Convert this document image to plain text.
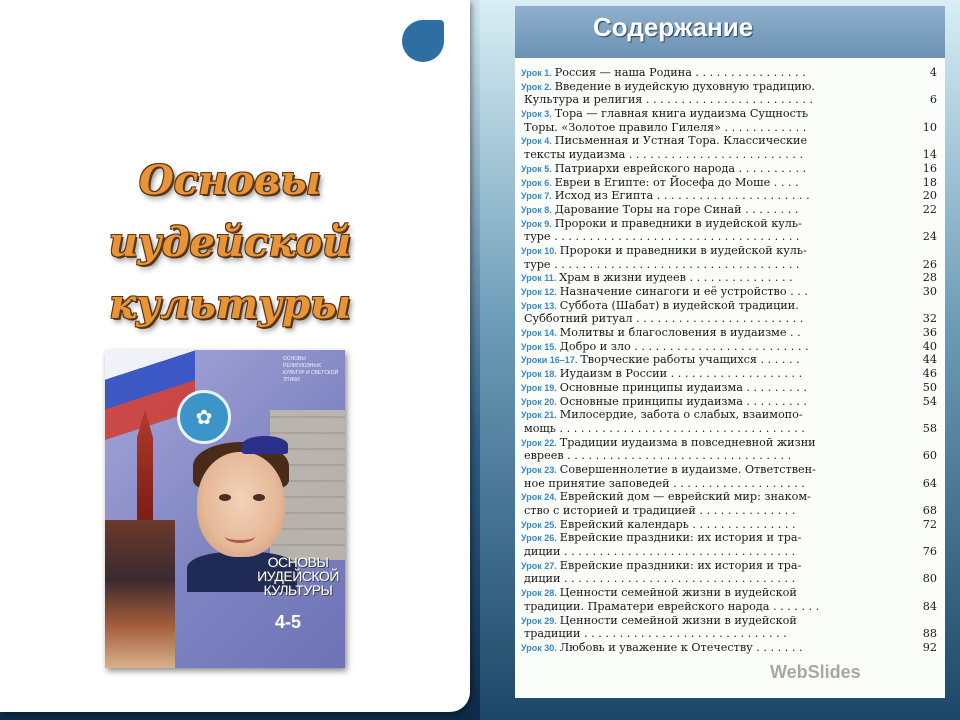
Основы
иудейской
культуры
✿
ОСНОВЫ РЕЛИГИОЗНЫХ КУЛЬТУР И СВЕТСКОЙ ЭТИКИ
ОСНОВЫ ИУДЕЙСКОЙ КУЛЬТУРЫ
4-5
Содержание
Урок 1. Россия — наша Родина . . . . . . . . . . . . . . . .	4
Урок 2. Введение в иудейскую духовную традицию.
Культура и религия . . . . . . . . . . . . . . . . . . . . . . . .	6
Урок 3. Тора — главная книга иудаизма Сущность
Торы. «Золотое правило Гилеля» . . . . . . . . . . . .	10
Урок 4. Письменная и Устная Тора. Классические
тексты иудаизма . . . . . . . . . . . . . . . . . . . . . . . . .	14
Урок 5. Патриархи еврейского народа . . . . . . . . . .	16
Урок 6. Евреи в Египте: от Йосефа до Моше . . . .	18
Урок 7. Исход из Египта . . . . . . . . . . . . . . . . . . . . . .	20
Урок 8. Дарование Торы на горе Синай . . . . . . . .	22
Урок 9. Пророки и праведники в иудейской куль-
туре . . . . . . . . . . . . . . . . . . . . . . . . . . . . . . . . . . .	24
Урок 10. Пророки и праведники в иудейской куль-
туре . . . . . . . . . . . . . . . . . . . . . . . . . . . . . . . . . . .	26
Урок 11. Храм в жизни иудеев . . . . . . . . . . . . . . .	28
Урок 12. Назначение синагоги и её устройство . . .	30
Урок 13. Суббота (Шабат) в иудейской традиции.
Субботний ритуал . . . . . . . . . . . . . . . . . . . . . . . .	32
Урок 14. Молитвы и благословения в иудаизме . .	36
Урок 15. Добро и зло . . . . . . . . . . . . . . . . . . . . . . . . .	40
Уроки 16–17. Творческие работы учащихся . . . . . .	44
Урок 18. Иудаизм в России . . . . . . . . . . . . . . . . . . .	46
Урок 19. Основные принципы иудаизма . . . . . . . . .	50
Урок 20. Основные принципы иудаизма . . . . . . . . .	54
Урок 21. Милосердие, забота о слабых, взаимопо-
мощь . . . . . . . . . . . . . . . . . . . . . . . . . . . . . . . . . . .	58
Урок 22. Традиции иудаизма в повседневной жизни
евреев . . . . . . . . . . . . . . . . . . . . . . . . . . . . . . . .	60
Урок 23. Совершеннолетие в иудаизме. Ответствен-
ное принятие заповедей . . . . . . . . . . . . . . . . . . .	64
Урок 24. Еврейский дом — еврейский мир: знаком-
ство с историей и традицией . . . . . . . . . . . . . .	68
Урок 25. Еврейский календарь . . . . . . . . . . . . . . .	72
Урок 26. Еврейские праздники: их история и тра-
диции . . . . . . . . . . . . . . . . . . . . . . . . . . . . . . . . .	76
Урок 27. Еврейские праздники: их история и тра-
диции . . . . . . . . . . . . . . . . . . . . . . . . . . . . . . . . .	80
Урок 28. Ценности семейной жизни в иудейской
традиции. Праматери еврейского народа . . . . . . .	84
Урок 29. Ценности семейной жизни в иудейской
традиции . . . . . . . . . . . . . . . . . . . . . . . . . . . . .	88
Урок 30. Любовь и уважение к Отечеству . . . . . . .	92
WebSlides
